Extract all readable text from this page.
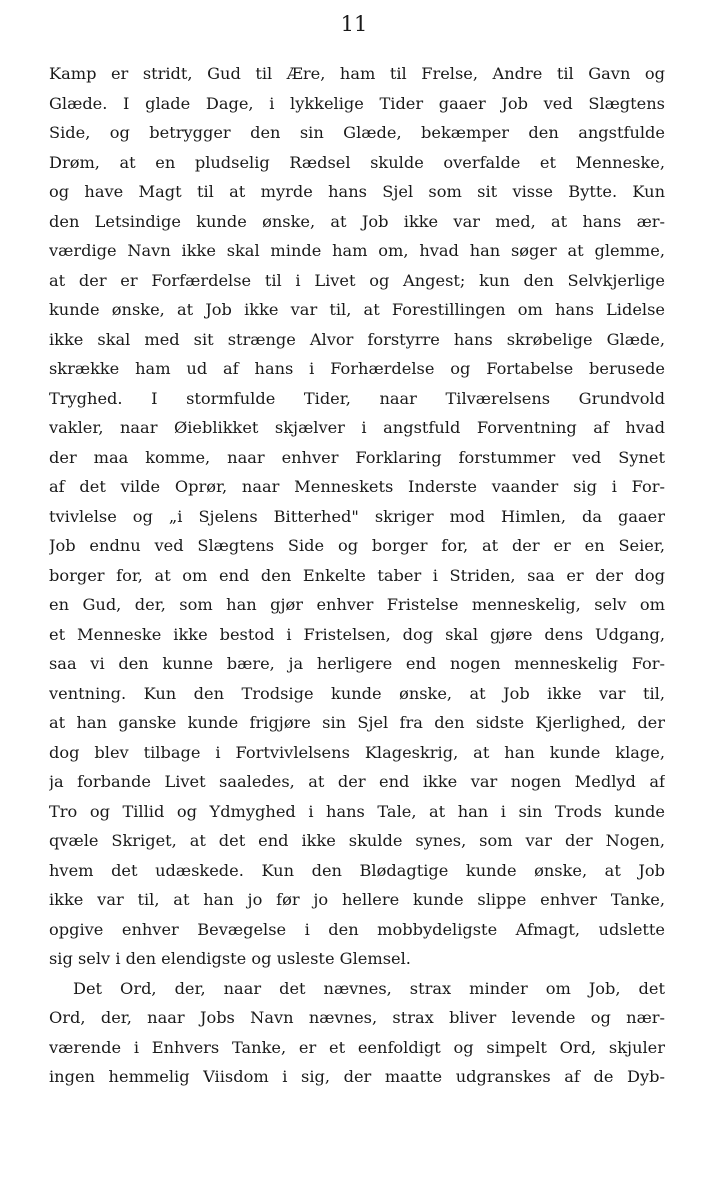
11
Kamp er stridt, Gud til Ære, ham til Frelse, Andre til Gavn og
Glæde. I glade Dage, i lykkelige Tider gaaer Job ved Slægtens
Side, og betrygger den sin Glæde, bekæmper den angstfulde
Drøm, at en pludselig Rædsel skulde overfalde et Menneske,
og have Magt til at myrde hans Sjel som sit visse Bytte. Kun
den Letsindige kunde ønske, at Job ikke var med, at hans ær-
værdige Navn ikke skal minde ham om, hvad han søger at glemme,
at der er Forfærdelse til i Livet og Angest; kun den Selvkjerlige
kunde ønske, at Job ikke var til, at Forestillingen om hans Lidelse
ikke skal med sit strænge Alvor forstyrre hans skrøbelige Glæde,
skrække ham ud af hans i Forhærdelse og Fortabelse berusede
Tryghed. I stormfulde Tider, naar Tilværelsens Grundvold
vakler, naar Øieblikket skjælver i angstfuld Forventning af hvad
der maa komme, naar enhver Forklaring forstummer ved Synet
af det vilde Oprør, naar Menneskets Inderste vaander sig i For-
tvivlelse og „i Sjelens Bitterhed" skriger mod Himlen, da gaaer
Job endnu ved Slægtens Side og borger for, at der er en Seier,
borger for, at om end den Enkelte taber i Striden, saa er der dog
en Gud, der, som han gjør enhver Fristelse menneskelig, selv om
et Menneske ikke bestod i Fristelsen, dog skal gjøre dens Udgang,
saa vi den kunne bære, ja herligere end nogen menneskelig For-
ventning. Kun den Trodsige kunde ønske, at Job ikke var til,
at han ganske kunde frigjøre sin Sjel fra den sidste Kjerlighed, der
dog blev tilbage i Fortvivlelsens Klageskrig, at han kunde klage,
ja forbande Livet saaledes, at der end ikke var nogen Medlyd af
Tro og Tillid og Ydmyghed i hans Tale, at han i sin Trods kunde
qvæle Skriget, at det end ikke skulde synes, som var der Nogen,
hvem det udæskede. Kun den Blødagtige kunde ønske, at Job
ikke var til, at han jo før jo hellere kunde slippe enhver Tanke,
opgive enhver Bevægelse i den mobbydeligste Afmagt, udslette
sig selv i den elendigste og usleste Glemsel.
Det Ord, der, naar det nævnes, strax minder om Job, det
Ord, der, naar Jobs Navn nævnes, strax bliver levende og nær-
værende i Enhvers Tanke, er et eenfoldigt og simpelt Ord, skjuler
ingen hemmelig Viisdom i sig, der maatte udgranskes af de Dyb-
